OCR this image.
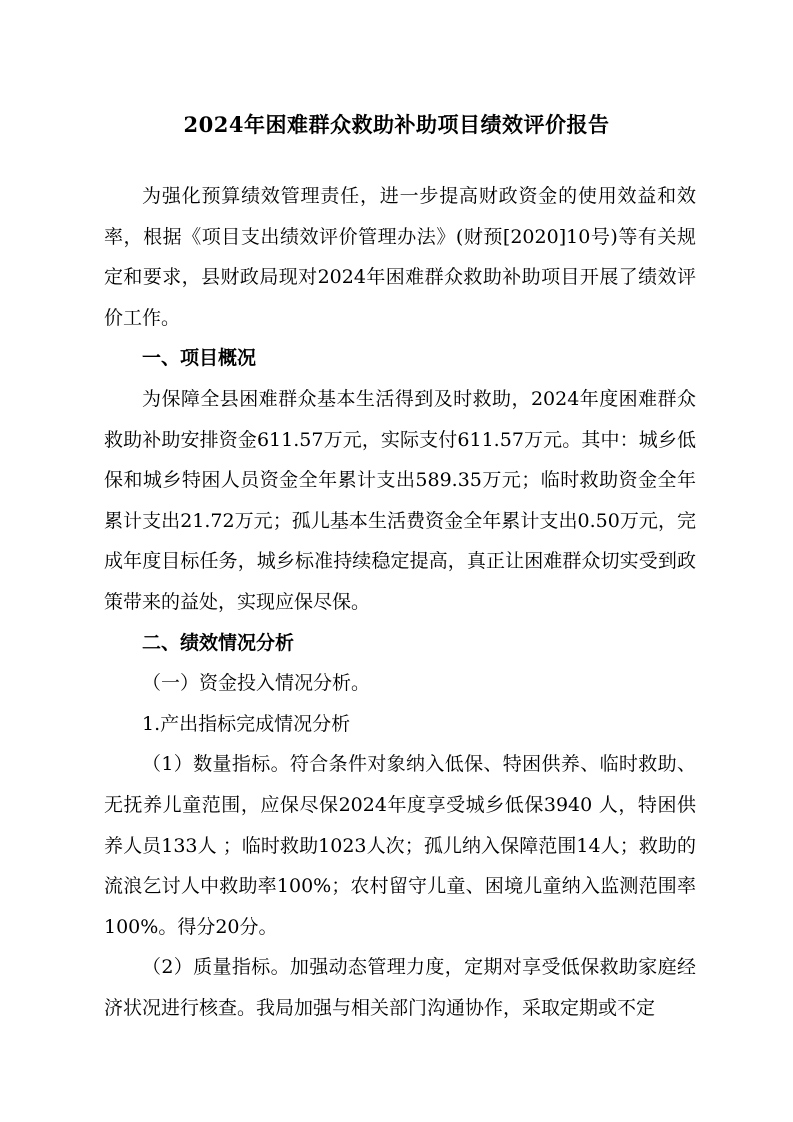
2024年困难群众救助补助项目绩效评价报告

为强化预算绩效管理责任，进一步提高财政资金的使用效益和效率，根据《项目支出绩效评价管理办法》(财预[2020]10号)等有关规定和要求，县财政局现对2024年困难群众救助补助项目开展了绩效评价工作。

一、项目概况

为保障全县困难群众基本生活得到及时救助，2024年度困难群众救助补助安排资金611.57万元，实际支付611.57万元。其中：城乡低保和城乡特困人员资金全年累计支出589.35万元；临时救助资金全年累计支出21.72万元；孤儿基本生活费资金全年累计支出0.50万元，完成年度目标任务，城乡标准持续稳定提高，真正让困难群众切实受到政策带来的益处，实现应保尽保。

二、绩效情况分析

（一）资金投入情况分析。

1.产出指标完成情况分析

（1）数量指标。符合条件对象纳入低保、特困供养、临时救助、无抚养儿童范围，应保尽保2024年度享受城乡低保3940 人，特困供养人员133人 ；临时救助1023人次；孤儿纳入保障范围14人；救助的流浪乞讨人中救助率100%；农村留守儿童、困境儿童纳入监测范围率100%。得分20分。

（2）质量指标。加强动态管理力度，定期对享受低保救助家庭经济状况进行核查。我局加强与相关部门沟通协作，采取定期或不定
